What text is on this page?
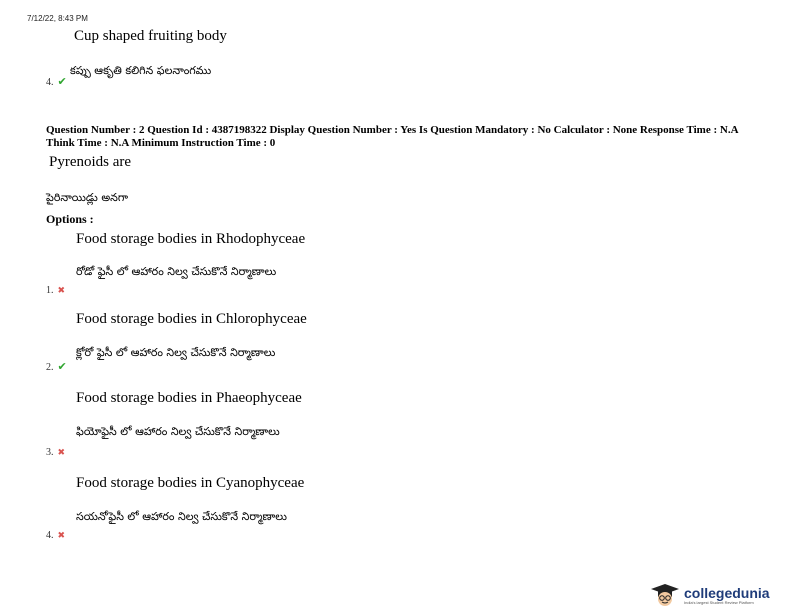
7/12/22, 8:43 PM
Cup shaped fruiting body
కప్పు ఆకృతి కలిగిన ఫలనాంగము
4. ✔
Question Number : 2 Question Id : 4387198322 Display Question Number : Yes Is Question Mandatory : No Calculator : None Response Time : N.A Think Time : N.A Minimum Instruction Time : 0
Pyrenoids are
పైరినాయిడ్లు అనగా
Options :
Food storage bodies in Rhodophyceae
రోడో ఫైసీ లో ఆహారం నిల్వ చేసుకొనే నిర్మాణాలు
1. ✖
Food storage bodies in Chlorophyceae
క్లోరో ఫైసీ లో ఆహారం నిల్వ చేసుకొనే నిర్మాణాలు
2. ✔
Food storage bodies in Phaeophyceae
ఫియోఫైసీ లో ఆహారం నిల్వ చేసుకొనే నిర్మాణాలు
3. ✖
Food storage bodies in Cyanophyceae
సయనోఫైసీ లో ఆహారం నిల్వ చేసుకొనే నిర్మాణాలు
4. ✖
collegedunia
India's largest Student Review Platform
